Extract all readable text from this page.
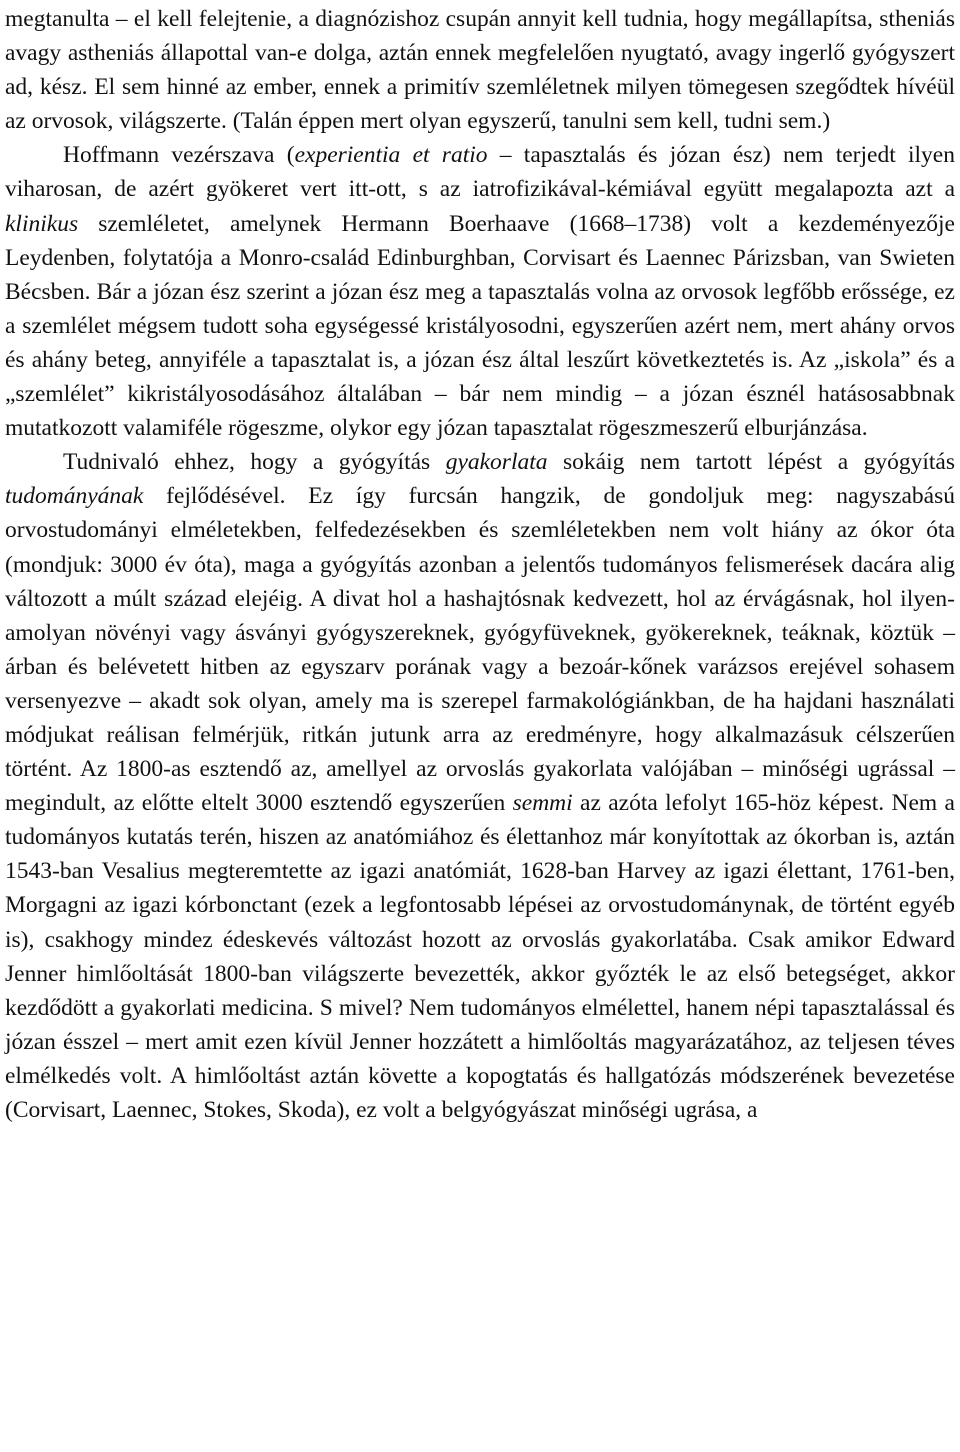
megtanulta – el kell felejtenie, a diagnózishoz csupán annyit kell tudnia, hogy megállapítsa, stheniás avagy astheniás állapottal van-e dolga, aztán ennek megfelelően nyugtató, avagy ingerlő gyógyszert ad, kész. El sem hinné az ember, ennek a primitív szemléletnek milyen tömegesen szegődtek hívéül az orvosok, világszerte. (Talán éppen mert olyan egyszerű, tanulni sem kell, tudni sem.)

Hoffmann vezérszava (experientia et ratio – tapasztalás és józan ész) nem terjedt ilyen viharosan, de azért gyökeret vert itt-ott, s az iatrofizikával-kémiával együtt megalapozta azt a klinikus szemléletet, amelynek Hermann Boerhaave (1668–1738) volt a kezdeményezője Leydenben, folytatója a Monro-család Edinburghban, Corvisart és Laennec Párizsban, van Swieten Bécsben. Bár a józan ész szerint a józan ész meg a tapasztalás volna az orvosok legfőbb erőssége, ez a szemlélet mégsem tudott soha egységessé kristályosodni, egyszerűen azért nem, mert ahány orvos és ahány beteg, annyiféle a tapasztalat is, a józan ész által leszűrt következtetés is. Az „iskola” és a „szemlélet” kikristályosodásához általában – bár nem mindig – a józan észnél hatásosabbnak mutatkozott valamiféle rögeszme, olykor egy józan tapasztalat rögeszmeszerű elburjánzása.

Tudnivaló ehhez, hogy a gyógyítás gyakorlata sokáig nem tartott lépést a gyógyítás tudományának fejlődésével. Ez így furcsán hangzik, de gondoljuk meg: nagyszabású orvostudományi elméletekben, felfedezésekben és szemléletekben nem volt hiány az ókor óta (mondjuk: 3000 év óta), maga a gyógyítás azonban a jelentős tudományos felismerések dacára alig változott a múlt század elejéig. A divat hol a hashajtósnak kedvezett, hol az érvágásnak, hol ilyen-amolyan növényi vagy ásványi gyógyszereknek, gyógyfüveknek, gyökereknek, teáknak, köztük – árban és belévetett hitben az egyszarv porának vagy a bezoár-kőnek varázsos erejével sohasem versenyezve – akadt sok olyan, amely ma is szerepel farmakológiánkban, de ha hajdani használati módjukat reálisan felmérjük, ritkán jutunk arra az eredményre, hogy alkalmazásuk célszerűen történt. Az 1800-as esztendő az, amellyel az orvoslás gyakorlata valójában – minőségi ugrással – megindult, az előtte eltelt 3000 esztendő egyszerűen semmi az azóta lefolyt 165-höz képest. Nem a tudományos kutatás terén, hiszen az anatómiához és élettanhoz már konyítottak az ókorban is, aztán 1543-ban Vesalius megteremtette az igazi anatómiát, 1628-ban Harvey az igazi élettant, 1761-ben, Morgagni az igazi kórbonctant (ezek a legfontosabb lépései az orvostudománynak, de történt egyéb is), csakhogy mindez édeskevés változást hozott az orvoslás gyakorlatába. Csak amikor Edward Jenner himlőoltását 1800-ban világszerte bevezették, akkor győzték le az első betegséget, akkor kezdődött a gyakorlati medicina. S mivel? Nem tudományos elmélettel, hanem népi tapasztalással és józan ésszel – mert amit ezen kívül Jenner hozzátett a himlőoltás magyarázatához, az teljesen téves elmélkedés volt. A himlőoltást aztán követte a kopogtatás és hallgatózás módszerének bevezetése (Corvisart, Laennec, Stokes, Skoda), ez volt a belgyógyászat minőségi ugrása, a
